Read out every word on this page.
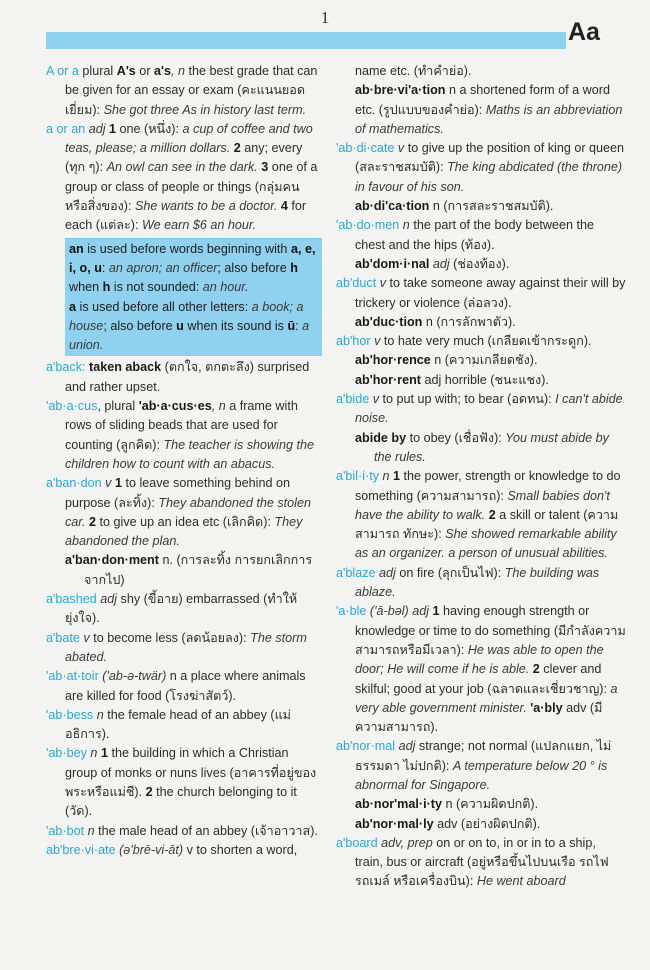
1
Aa
A or a plural A's or a's, n the best grade that can be given for an essay or exam (คะแนนยอดเยี่ยม): She got three As in history last term.
a or an adj 1 one (หนึ่ง): a cup of coffee and two teas, please; a million dollars. 2 any; every (ทุก ๆ): An owl can see in the dark. 3 one of a group or class of people or things (กลุ่มคนหรือสิ่งของ): She wants to be a doctor. 4 for each (แต่ละ): We earn $6 an hour.
an is used before words beginning with a, e, i, o, u: an apron; an officer; also before h when h is not sounded: an hour.
a is used before all other letters: a book; a house; also before u when its sound is ū: a union.
a'back: taken aback (ตกใจ, ตกตะลึง) surprised and rather upset.
'ab·a·cus, plural 'ab·a·cus·es, n a frame with rows of sliding beads that are used for counting (ลูกคิด): The teacher is showing the children how to count with an abacus.
a'ban·don v 1 to leave something behind on purpose (ละทิ้ง): They abandoned the stolen car. 2 to give up an idea etc (เลิกคิด): They abandoned the plan.
a'ban·don·ment n. (การละทิ้ง การยกเลิกการจากไป)
a'bashed adj shy (ขี้อาย) embarrassed (ทำให้ยุ่งใจ).
a'bate v to become less (ลดน้อยลง): The storm abated.
'ab·at·toir ('ab-ə-twär) n a place where animals are killed for food (โรงฆ่าสัตว์).
'ab·bess n the female head of an abbey (แม่อธิการ).
'ab·bey n 1 the building in which a Christian group of monks or nuns lives (อาคารที่อยู่ของพระหรือแม่ชี). 2 the church belonging to it (วัด).
'ab·bot n the male head of an abbey (เจ้าอาวาส).
ab'bre·vi·ate (ə'brē-vi-āt) v to shorten a word,
name etc. (ทำคำย่อ).
ab·bre·vi'a·tion n a shortened form of a word etc. (รูปแบบของคำย่อ): Maths is an abbreviation of mathematics.
'ab·di·cate v to give up the position of king or queen (สละราชสมบัติ): The king abdicated (the throne) in favour of his son.
ab·di'ca·tion n (การสละราชสมบัติ).
'ab·do·men n the part of the body between the chest and the hips (ท้อง).
ab'dom·i·nal adj (ช่องท้อง).
ab'duct v to take someone away against their will by trickery or violence (ล่อลวง).
ab'duc·tion n (การลักพาตัว).
ab'hor v to hate very much (เกลียดเข้ากระดูก).
ab'hor·rence n (ความเกลียดชัง).
ab'hor·rent adj horrible (ชนะแชง).
a'bide v to put up with; to bear (อดทน): I can't abide noise.
abide by to obey (เชื่อฟัง): You must abide by the rules.
a'bil·i·ty n 1 the power, strength or knowledge to do something (ความสามารถ): Small babies don't have the ability to walk. 2 a skill or talent (ความสามารถ ทักษะ): She showed remarkable ability as an organizer. a person of unusual abilities.
a'blaze adj on fire (ลุกเป็นไฟ): The building was ablaze.
'a·ble ('ā-bəl) adj 1 having enough strength or knowledge or time to do something (มีกำลังความสามารถหรือมีเวลา): He was able to open the door; He will come if he is able. 2 clever and skilful; good at your job (ฉลาดและเชี่ยวชาญ): a very able government minister. 'a·bly adv (มีความสามารถ).
ab'nor·mal adj strange; not normal (แปลกแยก, ไม่ธรรมดา ไม่ปกติ): A temperature below 20 ° is abnormal for Singapore.
ab·nor'mal·i·ty n (ความผิดปกติ).
ab'nor·mal·ly adv (อย่างผิดปกติ).
a'board adv, prep on or on to, in or in to a ship, train, bus or aircraft (อยู่หรือขึ้นไปบนเรือ รถไฟ รถเมล์ หรือเครื่องบิน): He went aboard
